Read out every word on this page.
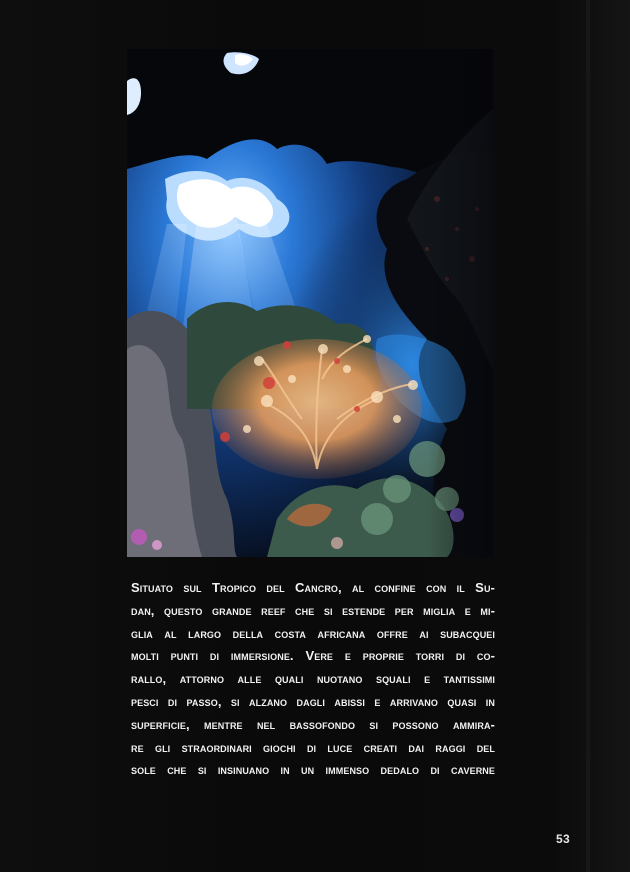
Situato sul Tropico del Cancro, al confine con il Su-
dan, questo grande reef che si estende per miglia e mi-
glia al largo della costa africana offre ai subacquei
molti punti di immersione. Vere e proprie torri di co-
rallo, attorno alle quali nuotano squali e tantissimi
pesci di passo, si alzano dagli abissi e arrivano quasi in
superficie, mentre nel bassofondo si possono ammira-
re gli straordinari giochi di luce creati dai raggi del
sole che si insinuano in un immenso dedalo di caverne
53
